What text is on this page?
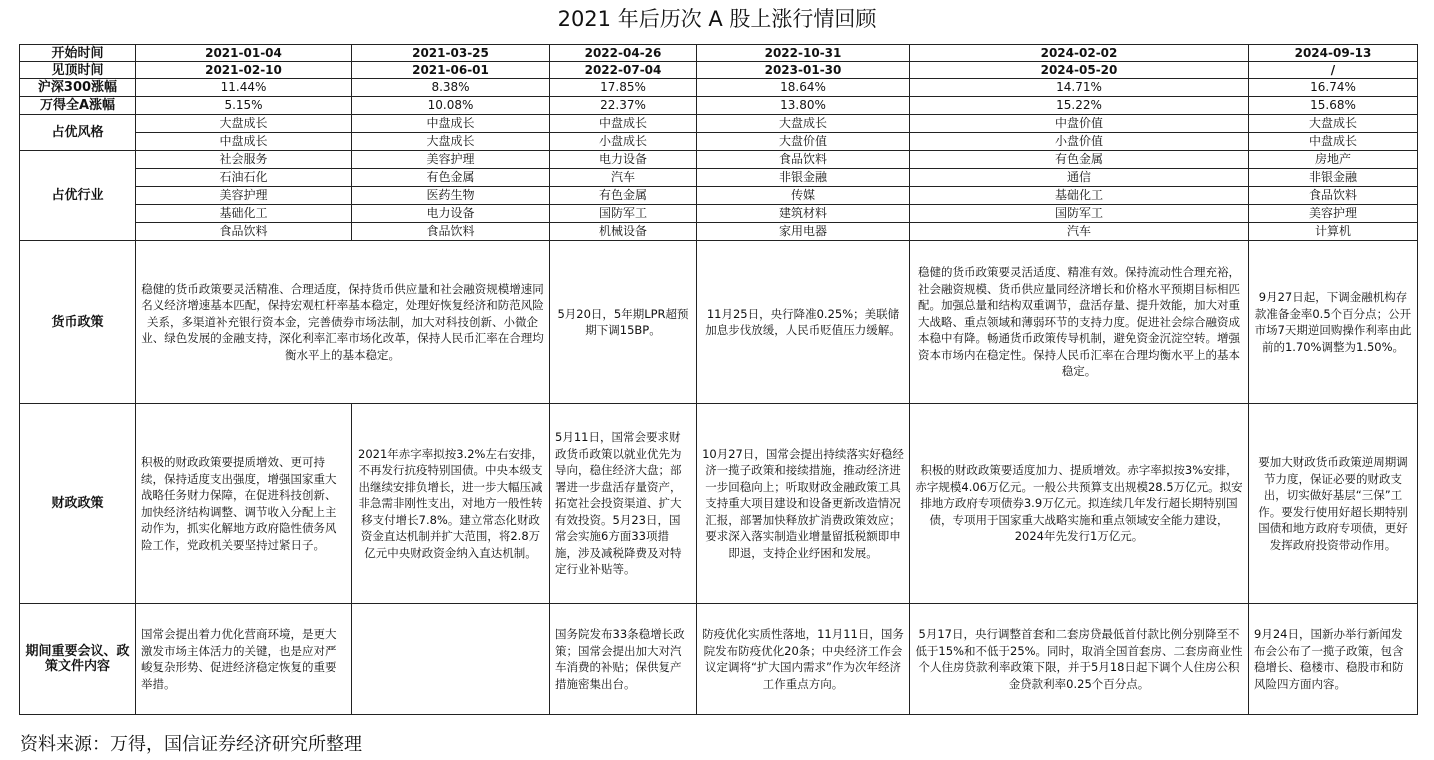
2021 年后历次 A 股上涨行情回顾
开始时间	2021-01-04	2021-03-25	2022-04-26	2022-10-31	2024-02-02	2024-09-13
见顶时间	2021-02-10	2021-06-01	2022-07-04	2023-01-30	2024-05-20	/
沪深300涨幅	11.44%	8.38%	17.85%	18.64%	14.71%	16.74%
万得全A涨幅	5.15%	10.08%	22.37%	13.80%	15.22%	15.68%
占优风格	大盘成长	中盘成长	中盘成长	大盘成长	中盘价值	大盘成长
	中盘成长	大盘成长	小盘成长	大盘价值	小盘价值	中盘成长
占优行业	社会服务	美容护理	电力设备	食品饮料	有色金属	房地产
	石油石化	有色金属	汽车	非银金融	通信	非银金融
	美容护理	医药生物	有色金属	传媒	基础化工	食品饮料
	基础化工	电力设备	国防军工	建筑材料	国防军工	美容护理
	食品饮料	食品饮料	机械设备	家用电器	汽车	计算机
货币政策	稳健的货币政策要灵活精准、合理适度，保持货币供应量和社会融资规模增速同名义经济增速基本匹配，保持宏观杠杆率基本稳定，处理好恢复经济和防范风险关系，多渠道补充银行资本金，完善债券市场法制，加大对科技创新、小微企业、绿色发展的金融支持，深化利率汇率市场化改革，保持人民币汇率在合理均衡水平上的基本稳定。		5月20日，5年期LPR超预期下调15BP。	11月25日，央行降准0.25%；美联储加息步伐放缓，人民币贬值压力缓解。	稳健的货币政策要灵活适度、精准有效。保持流动性合理充裕，社会融资规模、货币供应量同经济增长和价格水平预期目标相匹配。加强总量和结构双重调节，盘活存量、提升效能，加大对重大战略、重点领域和薄弱环节的支持力度。促进社会综合融资成本稳中有降。畅通货币政策传导机制，避免资金沉淀空转。增强资本市场内在稳定性。保持人民币汇率在合理均衡水平上的基本稳定。	9月27日起，下调金融机构存款准备金率0.5个百分点；公开市场7天期逆回购操作利率由此前的1.70%调整为1.50%。
财政政策	积极的财政政策要提质增效、更可持续，保持适度支出强度，增强国家重大战略任务财力保障，在促进科技创新、加快经济结构调整、调节收入分配上主动作为，抓实化解地方政府隐性债务风险工作，党政机关要坚持过紧日子。	2021年赤字率拟按3.2%左右安排，不再发行抗疫特别国债。中央本级支出继续安排负增长，进一步大幅压减非急需非刚性支出，对地方一般性转移支付增长7.8%。建立常态化财政资金直达机制并扩大范围，将2.8万亿元中央财政资金纳入直达机制。	5月11日，国常会要求财政货币政策以就业优先为导向，稳住经济大盘；部署进一步盘活存量资产，拓宽社会投资渠道、扩大有效投资。5月23日，国常会实施6方面33项措施，涉及减税降费及对特定行业补贴等。	10月27日，国常会提出持续落实好稳经济一揽子政策和接续措施，推动经济进一步回稳向上；听取财政金融政策工具支持重大项目建设和设备更新改造情况汇报，部署加快释放扩消费政策效应；要求深入落实制造业增量留抵税额即申即退，支持企业纾困和发展。	积极的财政政策要适度加力、提质增效。赤字率拟按3%安排，赤字规模4.06万亿元。一般公共预算支出规模28.5万亿元。拟安排地方政府专项债券3.9万亿元。拟连续几年发行超长期特别国债，专项用于国家重大战略实施和重点领域安全能力建设，2024年先发行1万亿元。	要加大财政货币政策逆周期调节力度，保证必要的财政支出，切实做好基层“三保”工作。要发行使用好超长期特别国债和地方政府专项债，更好发挥政府投资带动作用。
期间重要会议、政策文件内容	国常会提出着力优化营商环境，是更大激发市场主体活力的关键，也是应对严峻复杂形势、促进经济稳定恢复的重要举措。		国务院发布33条稳增长政策；国常会提出加大对汽车消费的补贴；保供复产措施密集出台。	防疫优化实质性落地，11月11日，国务院发布防疫优化20条；中央经济工作会议定调将“扩大国内需求”作为次年经济工作重点方向。	5月17日，央行调整首套和二套房贷最低首付款比例分别降至不低于15%和不低于25%。同时，取消全国首套房、二套房商业性个人住房贷款利率政策下限，并于5月18日起下调个人住房公积金贷款利率0.25个百分点。	9月24日，国新办举行新闻发布会公布了一揽子政策，包含稳增长、稳楼市、稳股市和防风险四方面内容。
资料来源：万得，国信证券经济研究所整理
